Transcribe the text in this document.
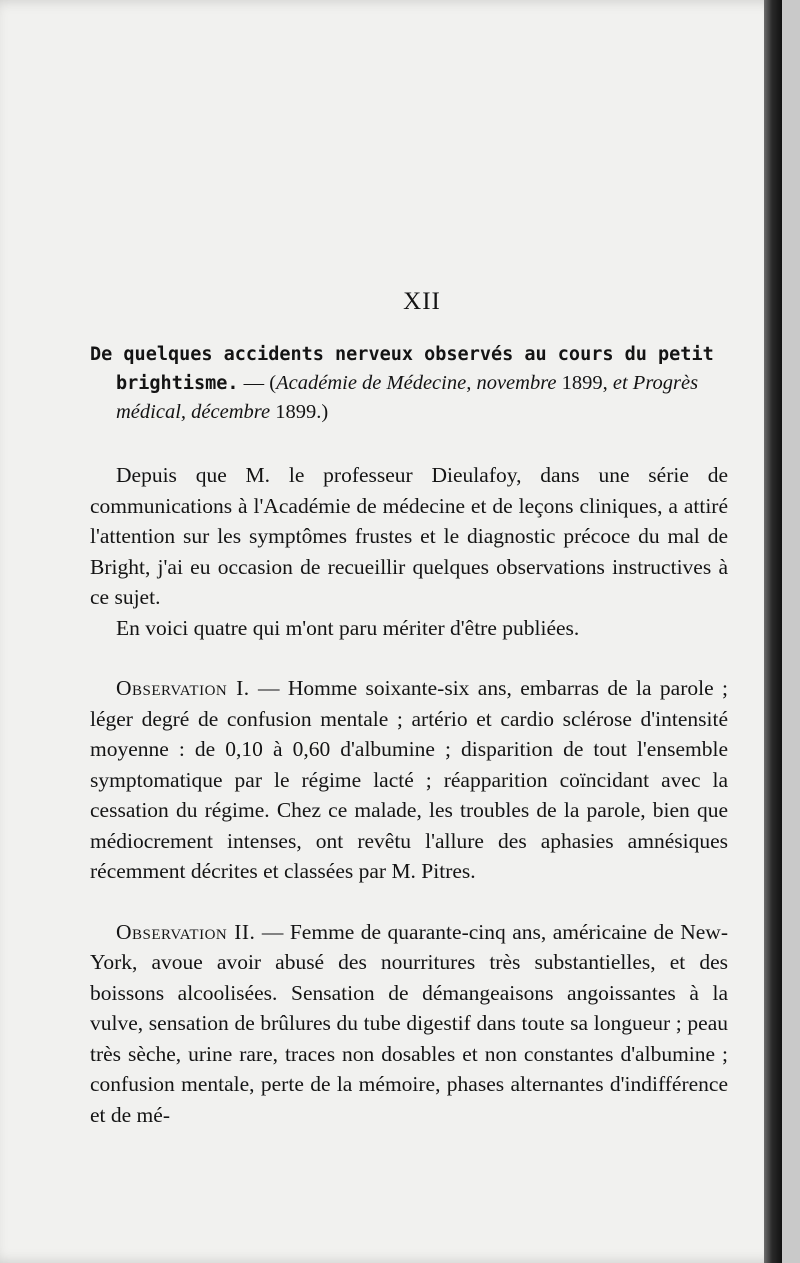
XII
De quelques accidents nerveux observés au cours du petit brightisme. — (Académie de Médecine, novembre 1899, et Progrès médical, décembre 1899.)

Depuis que M. le professeur Dieulafoy, dans une série de communications à l'Académie de médecine et de leçons cliniques, a attiré l'attention sur les symptômes frustes et le diagnostic précoce du mal de Bright, j'ai eu occasion de recueillir quelques observations instructives à ce sujet.

En voici quatre qui m'ont paru mériter d'être publiées.

Observation I. — Homme soixante-six ans, embarras de la parole ; léger degré de confusion mentale ; artério et cardio sclérose d'intensité moyenne : de 0,10 à 0,60 d'albumine ; disparition de tout l'ensemble symptomatique par le régime lacté ; réapparition coïncidant avec la cessation du régime. Chez ce malade, les troubles de la parole, bien que médiocrement intenses, ont revêtu l'allure des aphasies amnésiques récemment décrites et classées par M. Pitres.

Observation II. — Femme de quarante-cinq ans, américaine de New-York, avoue avoir abusé des nourritures très substantielles, et des boissons alcoolisées. Sensation de démangeaisons angoissantes à la vulve, sensation de brûlures du tube digestif dans toute sa longueur ; peau très sèche, urine rare, traces non dosables et non constantes d'albumine ; confusion mentale, perte de la mémoire, phases alternantes d'indifférence et de mé-
